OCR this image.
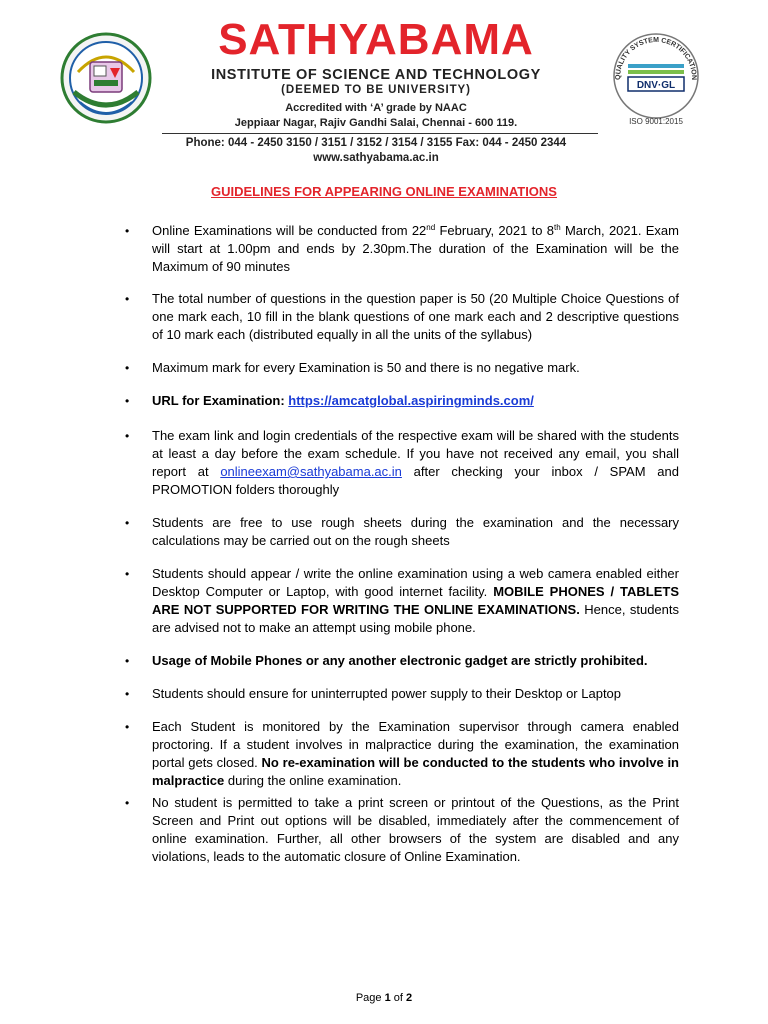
SATHYABAMA
INSTITUTE OF SCIENCE AND TECHNOLOGY
(DEEMED TO BE UNIVERSITY)
Accredited with ‘A’ grade by NAAC
Jeppiaar Nagar, Rajiv Gandhi Salai, Chennai - 600 119.
Phone: 044 - 2450 3150 / 3151 / 3152 / 3154 / 3155 Fax: 044 - 2450 2344
www.sathyabama.ac.in
QUALITY SYSTEM CERTIFICATION
DNV·GL
ISO 9001:2015
GUIDELINES FOR APPEARING ONLINE EXAMINATIONS
• Online Examinations will be conducted from 22nd February, 2021 to 8th March, 2021. Exam will start at 1.00pm and ends by 2.30pm.The duration of the Examination will be the Maximum of 90 minutes
• The total number of questions in the question paper is 50 (20 Multiple Choice Questions of one mark each, 10 fill in the blank questions of one mark each and 2 descriptive questions of 10 mark each (distributed equally in all the units of the syllabus)
• Maximum mark for every Examination is 50 and there is no negative mark.
• URL for Examination: https://amcatglobal.aspiringminds.com/
• The exam link and login credentials of the respective exam will be shared with the students at least a day before the exam schedule. If you have not received any email, you shall report at onlineexam@sathyabama.ac.in after checking your inbox / SPAM and PROMOTION folders thoroughly
• Students are free to use rough sheets during the examination and the necessary calculations may be carried out on the rough sheets
• Students should appear / write the online examination using a web camera enabled either Desktop Computer or Laptop, with good internet facility. MOBILE PHONES / TABLETS ARE NOT SUPPORTED FOR WRITING THE ONLINE EXAMINATIONS. Hence, students are advised not to make an attempt using mobile phone.
• Usage of Mobile Phones or any another electronic gadget are strictly prohibited.
• Students should ensure for uninterrupted power supply to their Desktop or Laptop
• Each Student is monitored by the Examination supervisor through camera enabled proctoring. If a student involves in malpractice during the examination, the examination portal gets closed. No re-examination will be conducted to the students who involve in malpractice during the online examination.
• No student is permitted to take a print screen or printout of the Questions, as the Print Screen and Print out options will be disabled, immediately after the commencement of online examination. Further, all other browsers of the system are disabled and any violations, leads to the automatic closure of Online Examination.
Page 1 of 2
